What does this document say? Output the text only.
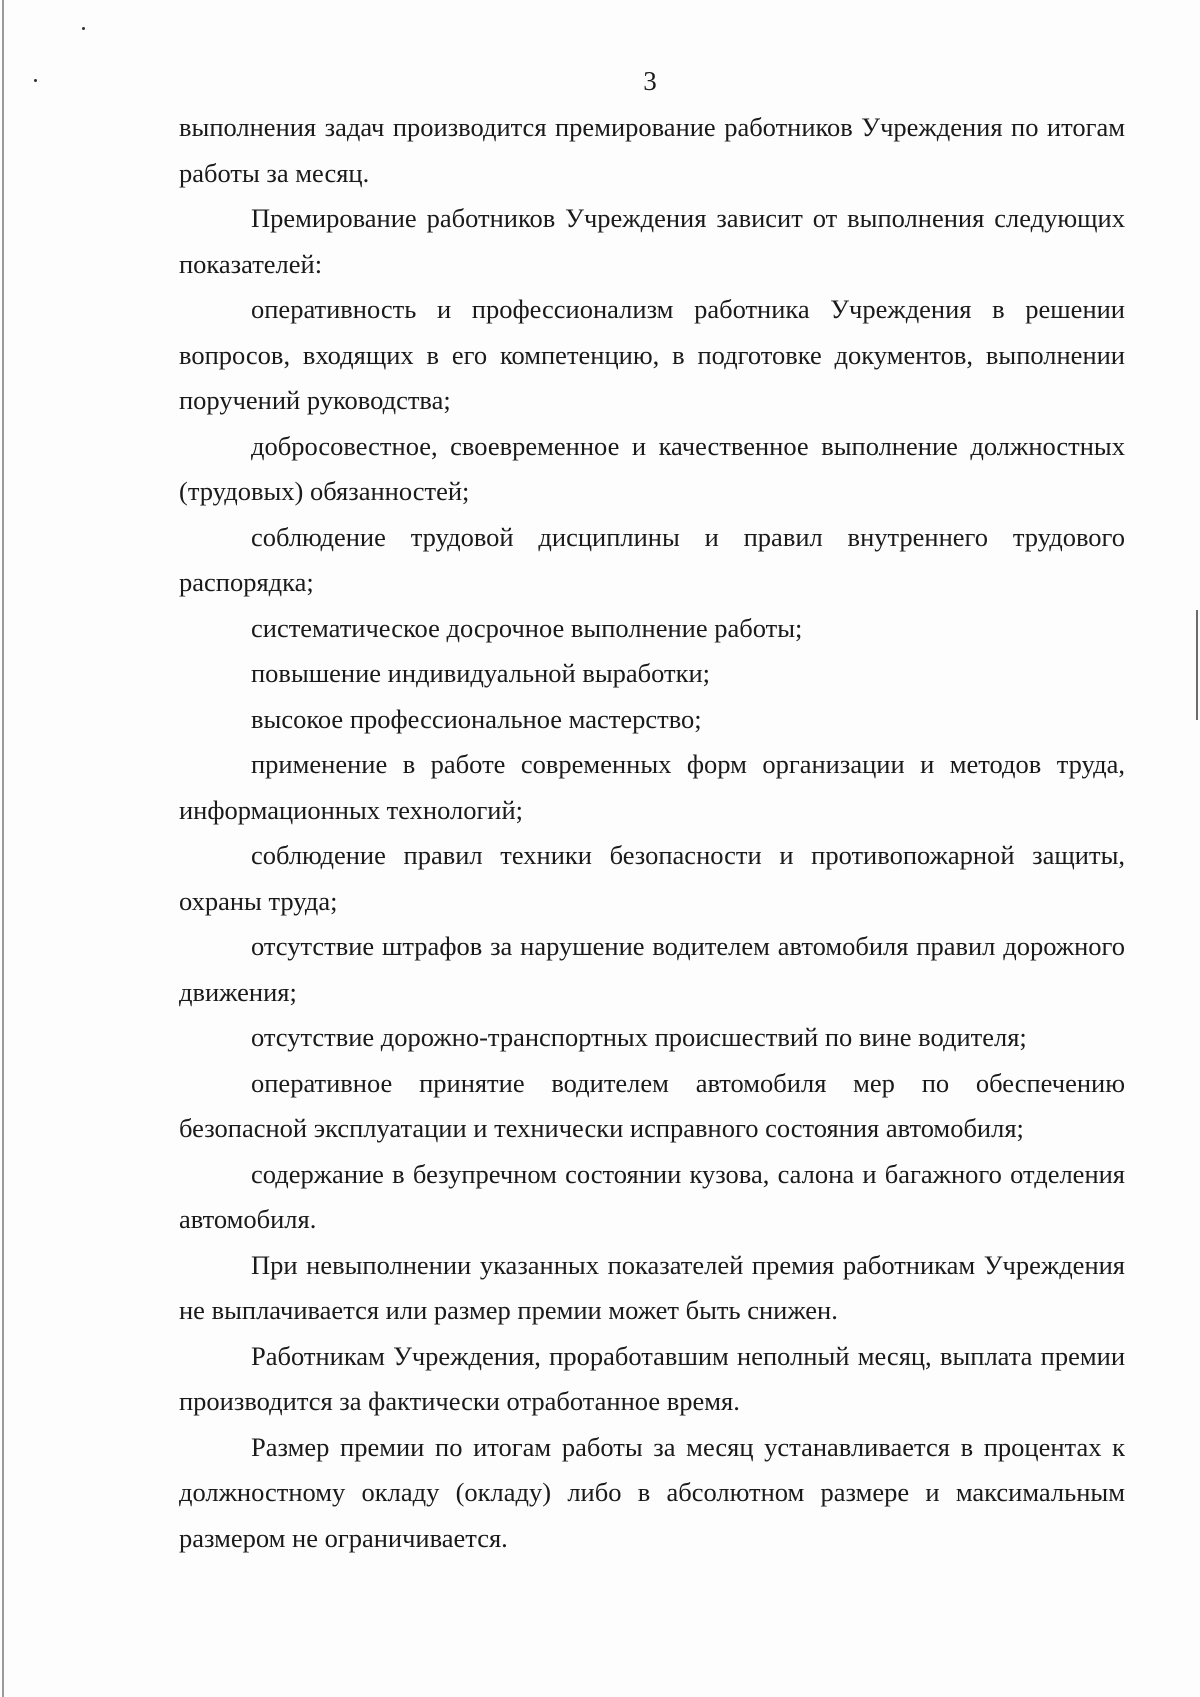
3

выполнения задач производится премирование работников Учреждения по итогам работы за месяц.

Премирование работников Учреждения зависит от выполнения следующих показателей:

оперативность и профессионализм работника Учреждения в решении вопросов, входящих в его компетенцию, в подготовке документов, выполнении поручений руководства;

добросовестное, своевременное и качественное выполнение должностных (трудовых) обязанностей;

соблюдение трудовой дисциплины и правил внутреннего трудового распорядка;

систематическое досрочное выполнение работы;

повышение индивидуальной выработки;

высокое профессиональное мастерство;

применение в работе современных форм организации и методов труда, информационных технологий;

соблюдение правил техники безопасности и противопожарной защиты, охраны труда;

отсутствие штрафов за нарушение водителем автомобиля правил дорожного движения;

отсутствие дорожно-транспортных происшествий по вине водителя;

оперативное принятие водителем автомобиля мер по обеспечению безопасной эксплуатации и технически исправного состояния автомобиля;

содержание в безупречном состоянии кузова, салона и багажного отделения автомобиля.

При невыполнении указанных показателей премия работникам Учреждения не выплачивается или размер премии может быть снижен.

Работникам Учреждения, проработавшим неполный месяц, выплата премии производится за фактически отработанное время.

Размер премии по итогам работы за месяц устанавливается в процентах к должностному окладу (окладу) либо в абсолютном размере и максимальным размером не ограничивается.
